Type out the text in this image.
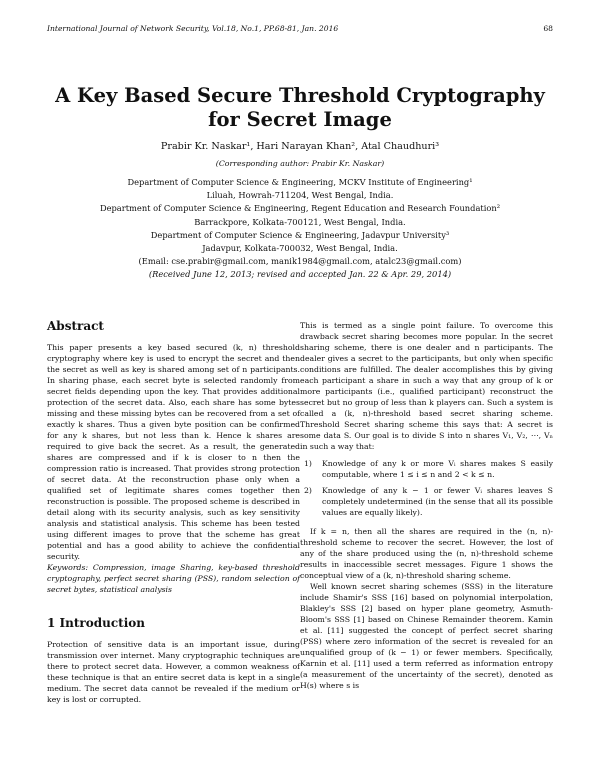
International Journal of Network Security, Vol.18, No.1, PP.68-81, Jan. 2016	68
A Key Based Secure Threshold Cryptography for Secret Image
Prabir Kr. Naskar¹, Hari Narayan Khan², Atal Chaudhuri³
(Corresponding author: Prabir Kr. Naskar)
Department of Computer Science & Engineering, MCKV Institute of Engineering¹
Liluah, Howrah-711204, West Bengal, India.
Department of Computer Science & Engineering, Regent Education and Research Foundation²
Barrackpore, Kolkata-700121, West Bengal, India.
Department of Computer Science & Engineering, Jadavpur University³
Jadavpur, Kolkata-700032, West Bengal, India.
(Email: cse.prabir@gmail.com, manik1984@gmail.com, atalc23@gmail.com)
(Received June 12, 2013; revised and accepted Jan. 22 & Apr. 29, 2014)
Abstract

This paper presents a key based secured (k, n) threshold cryptography where key is used to encrypt the secret and then the secret as well as key is shared among set of n participants. In sharing phase, each secret byte is selected randomly from secret fields depending upon the key. That provides additional protection of the secret data. Also, each share has some bytes missing and these missing bytes can be recovered from a set of exactly k shares. Thus a given byte position can be confirmed for any k shares, but not less than k. Hence k shares are required to give back the secret. As a result, the generated shares are compressed and if k is closer to n then the compression ratio is increased. That provides strong protection of secret data. At the reconstruction phase only when a qualified set of legitimate shares comes together then reconstruction is possible. The proposed scheme is described in detail along with its security analysis, such as key sensitivity analysis and statistical analysis. This scheme has been tested using different images to prove that the scheme has great potential and has a good ability to achieve the confidential security.

Keywords: Compression, image Sharing, key-based threshold cryptography, perfect secret sharing (PSS), random selection of secret bytes, statistical analysis

1 Introduction

Protection of sensitive data is an important issue, during transmission over internet. Many cryptographic techniques are there to protect secret data. However, a common weakness of these technique is that an entire secret data is kept in a single medium. The secret data cannot be revealed if the medium or key is lost or corrupted.

This is termed as a single point failure. To overcome this drawback secret sharing becomes more popular. In the secret sharing scheme, there is one dealer and n participants. The dealer gives a secret to the participants, but only when specific conditions are fulfilled. The dealer accomplishes this by giving each participant a share in such a way that any group of k or more participants (i.e., qualified participant) reconstruct the secret but no group of less than k players can. Such a system is called a (k, n)-threshold based secret sharing scheme. Threshold Secret sharing scheme this says that: A secret is some data S. Our goal is to divide S into n shares V₁, V₂, ⋯, Vₙ in such a way that:

1) Knowledge of any k or more Vᵢ shares makes S easily computable, where 1 ≤ i ≤ n and 2 < k ≤ n.
2) Knowledge of any k − 1 or fewer Vᵢ shares leaves S completely undetermined (in the sense that all its possible values are equally likely).

If k = n, then all the shares are required in the (n, n)-threshold scheme to recover the secret. However, the lost of any of the share produced using the (n, n)-threshold scheme results in inaccessible secret messages. Figure 1 shows the conceptual view of a (k, n)-threshold sharing scheme.

Well known secret sharing schemes (SSS) in the literature include Shamir's SSS [16] based on polynomial interpolation, Blakley's SSS [2] based on hyper plane geometry, Asmuth-Bloom's SSS [1] based on Chinese Remainder theorem. Kamin et al. [11] suggested the concept of perfect secret sharing (PSS) where zero information of the secret is revealed for an unqualified group of (k − 1) or fewer members. Specifically, Karnin et al. [11] used a term referred as information entropy (a measurement of the uncertainty of the secret), denoted as H(s) where s is
